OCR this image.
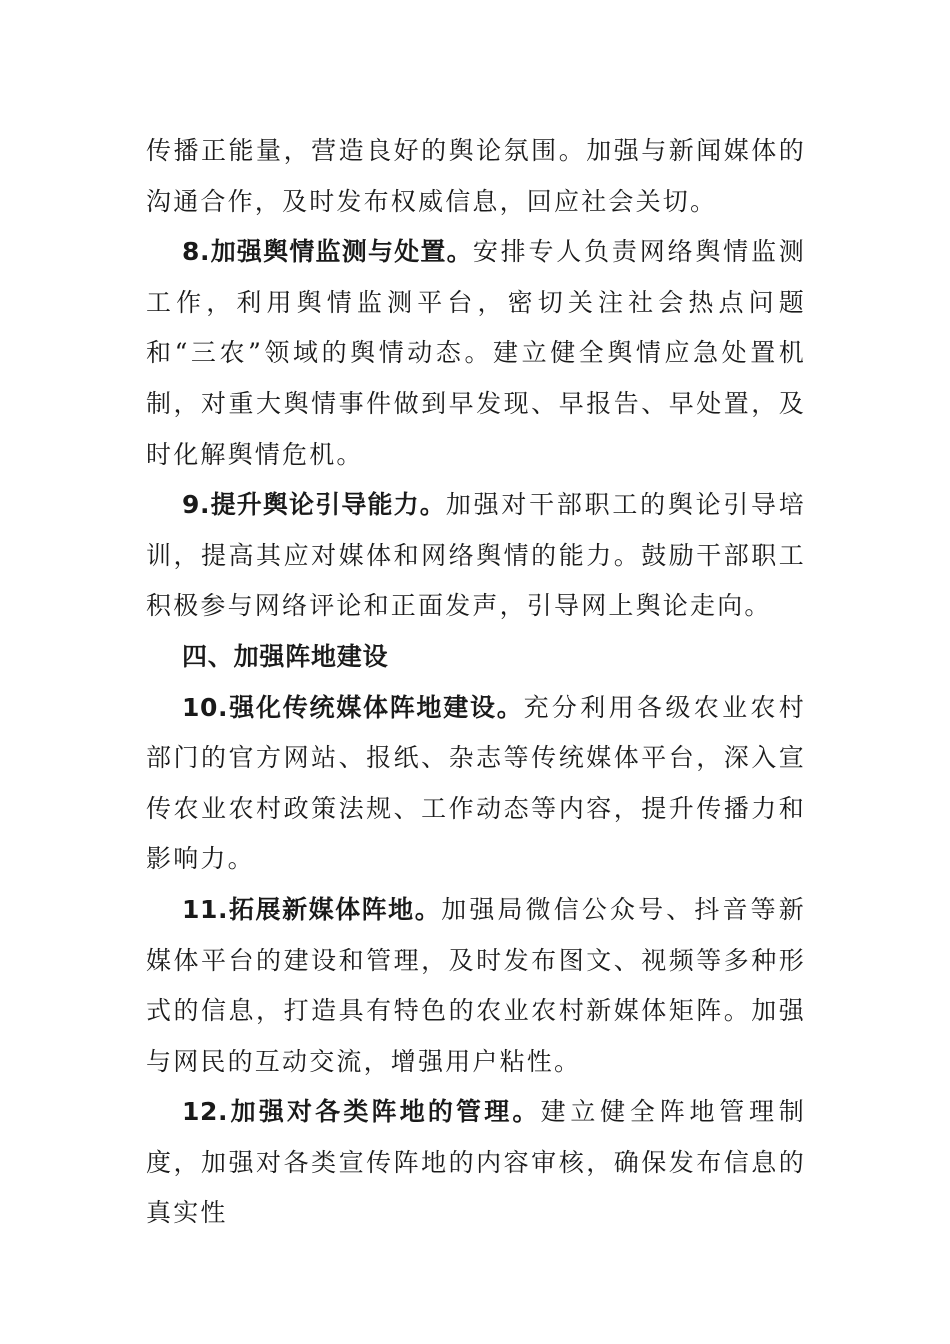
传播正能量，营造良好的舆论氛围。加强与新闻媒体的沟通合作，及时发布权威信息，回应社会关切。

8.加强舆情监测与处置。安排专人负责网络舆情监测工作，利用舆情监测平台，密切关注社会热点问题和“三农”领域的舆情动态。建立健全舆情应急处置机制，对重大舆情事件做到早发现、早报告、早处置，及时化解舆情危机。

9.提升舆论引导能力。加强对干部职工的舆论引导培训，提高其应对媒体和网络舆情的能力。鼓励干部职工积极参与网络评论和正面发声，引导网上舆论走向。

四、加强阵地建设

10.强化传统媒体阵地建设。充分利用各级农业农村部门的官方网站、报纸、杂志等传统媒体平台，深入宣传农业农村政策法规、工作动态等内容，提升传播力和影响力。

11.拓展新媒体阵地。加强局微信公众号、抖音等新媒体平台的建设和管理，及时发布图文、视频等多种形式的信息，打造具有特色的农业农村新媒体矩阵。加强与网民的互动交流，增强用户粘性。

12.加强对各类阵地的管理。建立健全阵地管理制度，加强对各类宣传阵地的内容审核，确保发布信息的真实性
